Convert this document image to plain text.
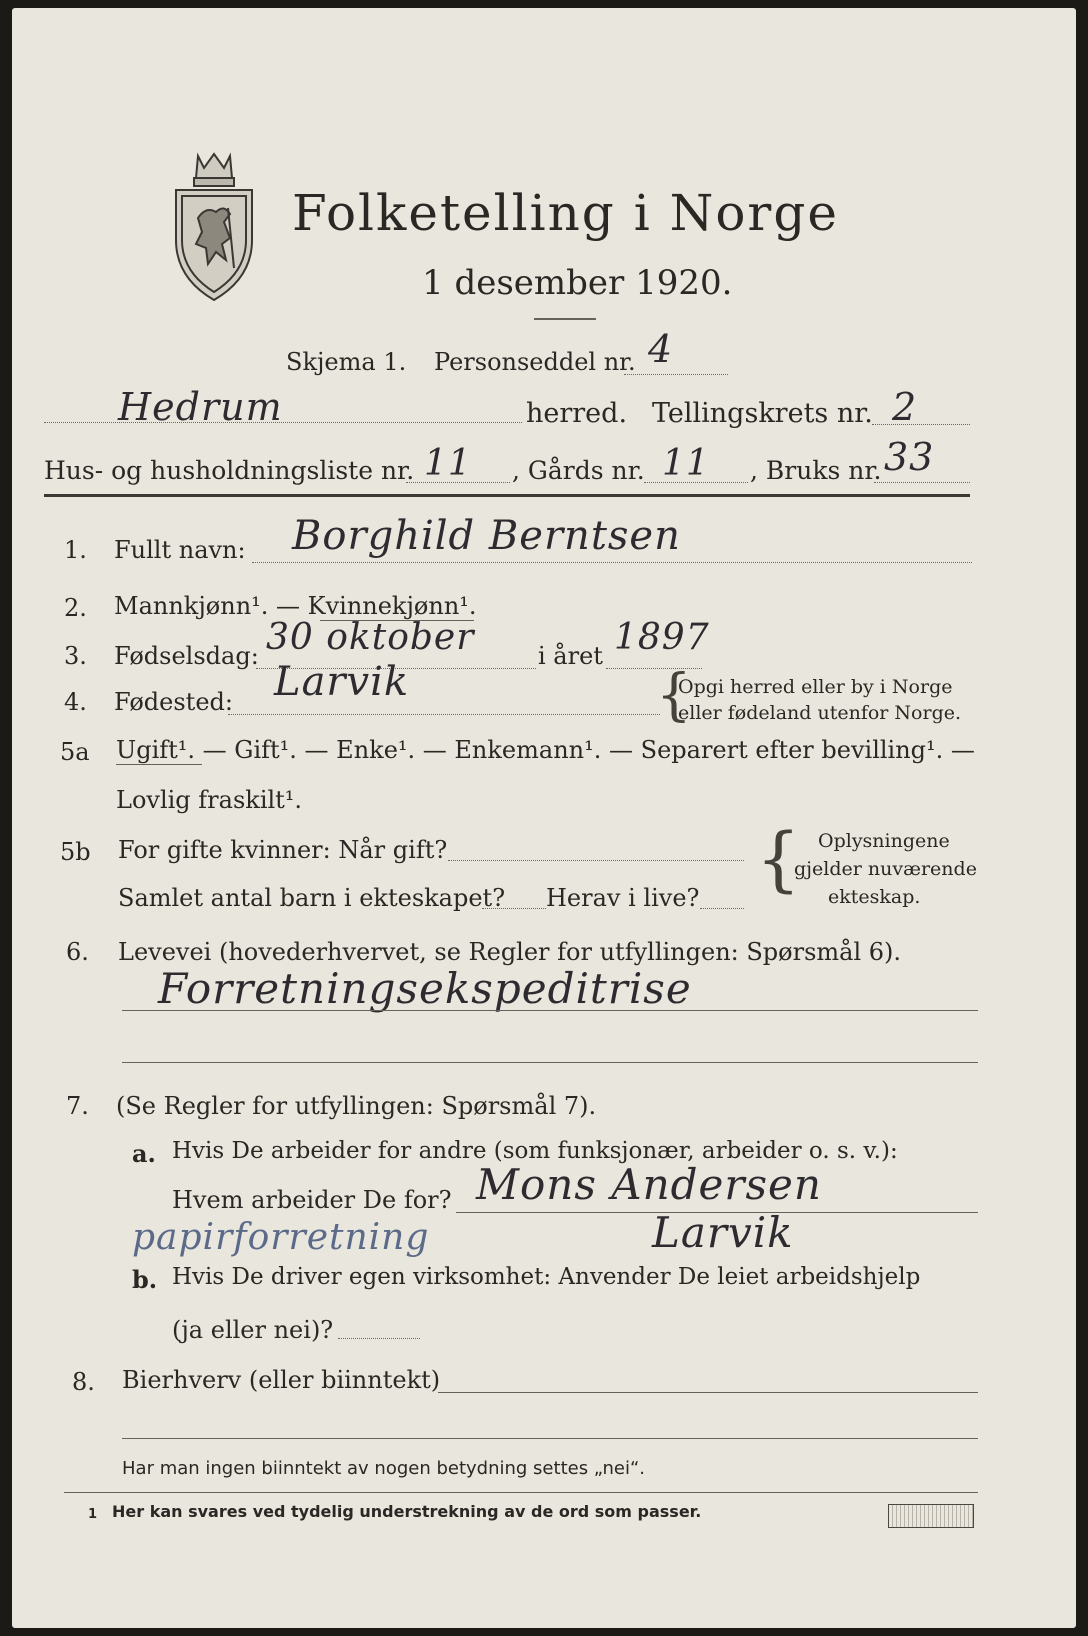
Folketelling i Norge
1 desember 1920.
Skjema 1. Personseddel nr. 4
Hedrum	herred. Tellingskrets nr. 2
Hus- og husholdningsliste nr. 11 , Gårds nr. 11 , Bruks nr. 33
1. Fullt navn: Borghild Berntsen
2. Mannkjønn¹. — Kvinnekjønn¹.
3. Fødselsdag: 30 oktober	i året 1897
4. Fødested: Larvik	{
Opgi herred eller by i Norge
eller fødeland utenfor Norge.
5a Ugift¹. — Gift¹. — Enke¹. — Enkemann¹. — Separert efter bevilling¹. —
Lovlig fraskilt¹.
5b For gifte kvinner: Når gift?
Samlet antal barn i ekteskapet? Herav i live? { Oplysningene
gjelder nuværende
ekteskap.
6. Levevei (hovederhvervet, se Regler for utfyllingen: Spørsmål 6).
Forretningsekspeditrise
7. (Se Regler for utfyllingen: Spørsmål 7).
a. Hvis De arbeider for andre (som funksjonær, arbeider o. s. v.):
Hvem arbeider De for? Mons Andersen
papirforretning	Larvik
b. Hvis De driver egen virksomhet: Anvender De leiet arbeidshjelp
(ja eller nei)?
8. Bierhverv (eller biinntekt)
Har man ingen biinntekt av nogen betydning settes „nei“.
1 Her kan svares ved tydelig understrekning av de ord som passer.
